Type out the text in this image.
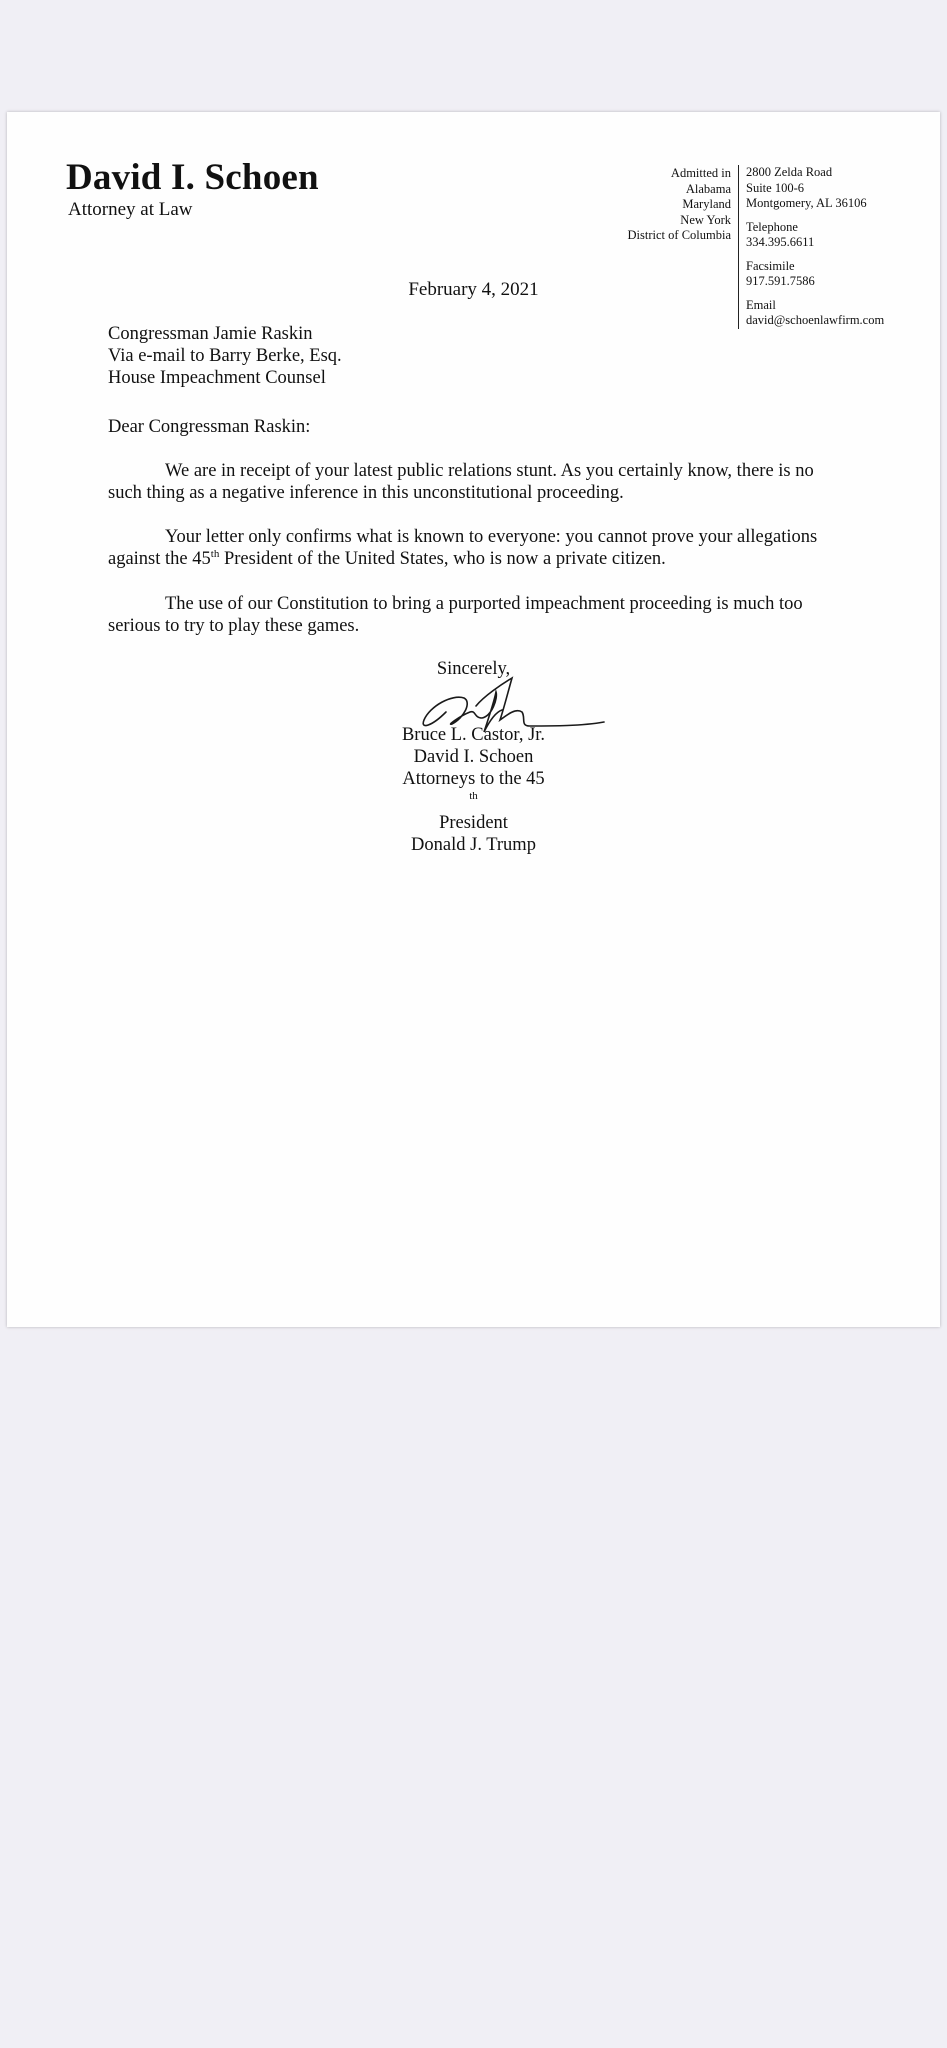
David I. Schoen
Attorney at Law
Admitted in
Alabama
Maryland
New York
District of Columbia
2800 Zelda Road
Suite 100-6
Montgomery, AL 36106
Telephone
334.395.6611
Facsimile
917.591.7586
Email
david@schoenlawfirm.com
February 4, 2021
Congressman Jamie Raskin
Via e-mail to Barry Berke, Esq.
House Impeachment Counsel
Dear Congressman Raskin:

We are in receipt of your latest public relations stunt. As you certainly know, there is no such thing as a negative inference in this unconstitutional proceeding.

Your letter only confirms what is known to everyone: you cannot prove your allegations against the 45th President of the United States, who is now a private citizen.

The use of our Constitution to bring a purported impeachment proceeding is much too serious to try to play these games.

Sincerely,
Bruce L. Castor, Jr.
David I. Schoen
Attorneys to the 45
$^{th}$
President
Donald J. Trump
